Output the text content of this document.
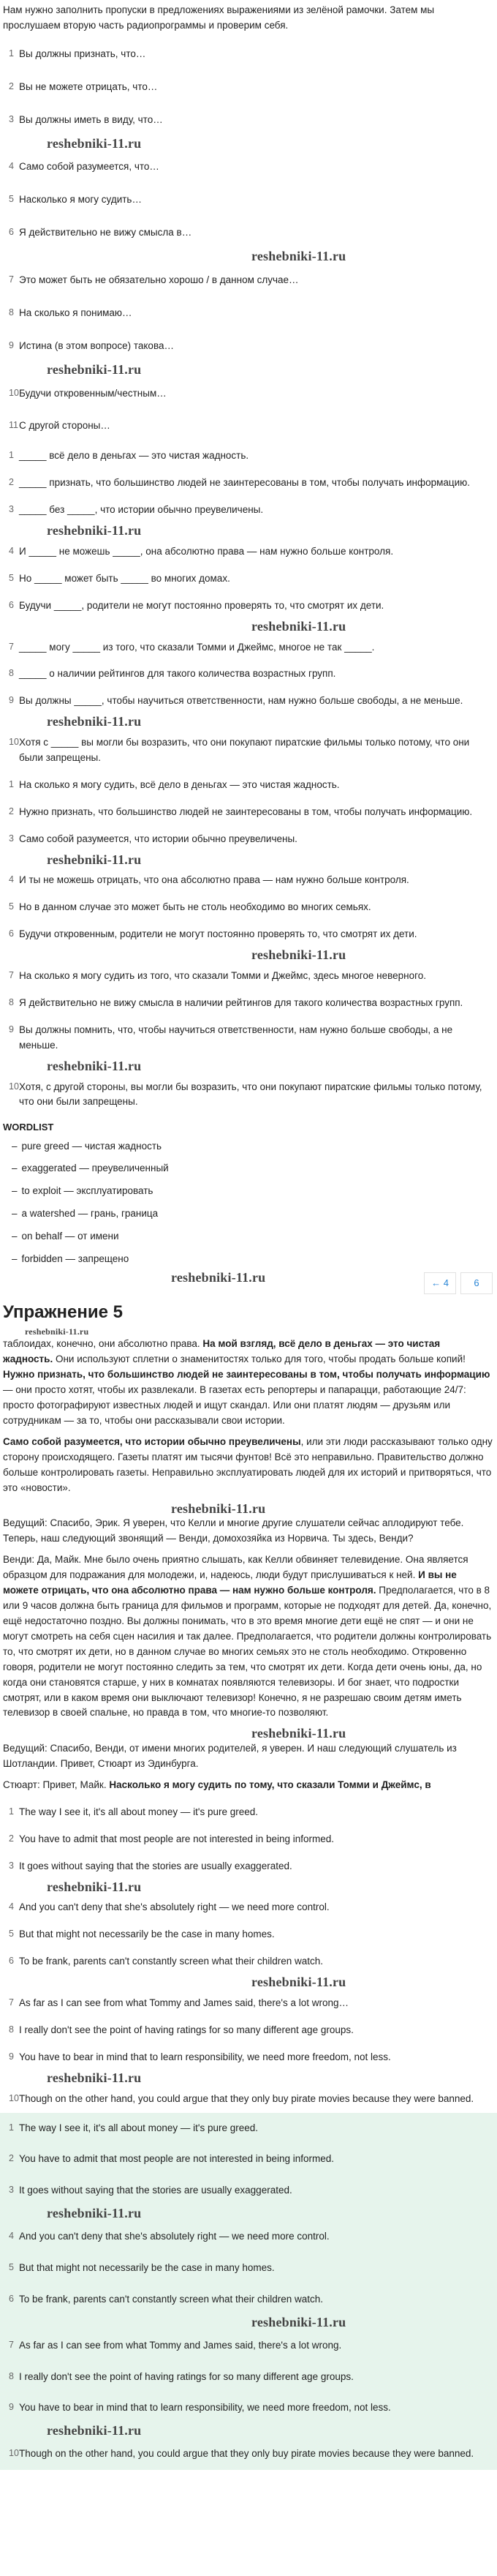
Нам нужно заполнить пропуски в предложениях выражениями из зелёной рамочки. Затем мы прослушаем вторую часть радиопрограммы и проверим себя.

1 Вы должны признать, что…
2 Вы не можете отрицать, что…
3 Вы должны иметь в виду, что…
reshebniki-11.ru
4 Само собой разумеется, что…
5 Насколько я могу судить…
6 Я действительно не вижу смысла в…
reshebniki-11.ru
7 Это может быть не обязательно хорошо / в данном случае…
8 На сколько я понимаю…
9 Истина (в этом вопросе) такова…
reshebniki-11.ru
10 Будучи откровенным/честным…
11 С другой стороны…
1 _____ всё дело в деньгах — это чистая жадность.
2 _____ признать, что большинство людей не заинтересованы в том, чтобы получать информацию.
3 _____ без _____, что истории обычно преувеличены.
reshebniki-11.ru
4 И _____ не можешь _____, она абсолютно права — нам нужно больше контроля.
5 Но _____ может быть _____ во многих домах.
6 Будучи _____, родители не могут постоянно проверять то, что смотрят их дети.
reshebniki-11.ru
7 _____ могу _____ из того, что сказали Томми и Джеймс, многое не так _____.
8 _____ о наличии рейтингов для такого количества возрастных групп.
9 Вы должны _____, чтобы научиться ответственности, нам нужно больше свободы, а не меньше.
reshebniki-11.ru
10 Хотя с _____ вы могли бы возразить, что они покупают пиратские фильмы только потому, что они были запрещены.
1 На сколько я могу судить, всё дело в деньгах — это чистая жадность.
2 Нужно признать, что большинство людей не заинтересованы в том, чтобы получать информацию.
3 Само собой разумеется, что истории обычно преувеличены.
reshebniki-11.ru
4 И ты не можешь отрицать, что она абсолютно права — нам нужно больше контроля.
5 Но в данном случае это может быть не столь необходимо во многих семьях.
6 Будучи откровенным, родители не могут постоянно проверять то, что смотрят их дети.
reshebniki-11.ru
7 На сколько я могу судить из того, что сказали Томми и Джеймс, здесь многое неверного.
8 Я действительно не вижу смысла в наличии рейтингов для такого количества возрастных групп.
9 Вы должны помнить, что, чтобы научиться ответственности, нам нужно больше свободы, а не меньше.
reshebniki-11.ru
10 Хотя, с другой стороны, вы могли бы возразить, что они покупают пиратские фильмы только потому, что они были запрещены.
WORDLIST
– pure greed — чистая жадность
– exaggerated — преувеличенный
– to exploit — эксплуатировать
– a watershed — грань, граница
– on behalf — от имени
– forbidden — запрещено
reshebniki-11.ru	← 4	6
Упражнение 5
reshebniki-11.ru

таблоидах, конечно, они абсолютно права. На мой взгляд, всё дело в деньгах — это чистая жадность. Они используют сплетни о знаменитостях только для того, чтобы продать больше копий! Нужно признать, что большинство людей не заинтересованы в том, чтобы получать информацию — они просто хотят, чтобы их развлекали. В газетах есть репортеры и папарацци, работающие 24/7: просто фотографируют известных людей и ищут скандал. Или они платят людям — друзьям или сотрудникам — за то, чтобы они рассказывали свои истории.

Само собой разумеется, что истории обычно преувеличены, или эти люди рассказывают только одну сторону происходящего. Газеты платят им тысячи фунтов! Всё это неправильно. Правительство должно больше контролировать газеты. Неправильно эксплуатировать людей для их историй и притворяться, что это «новости».

reshebniki-11.ru

Ведущий: Спасибо, Эрик. Я уверен, что Келли и многие другие слушатели сейчас аплодируют тебе. Теперь, наш следующий звонящий — Венди, домохозяйка из Норвича. Ты здесь, Венди?

Венди: Да, Майк. Мне было очень приятно слышать, как Келли обвиняет телевидение. Она является образцом для подражания для молодежи, и, надеюсь, люди будут прислушиваться к ней. И вы не можете отрицать, что она абсолютно права — нам нужно больше контроля. Предполагается, что в 8 или 9 часов должна быть граница для фильмов и программ, которые не подходят для детей. Да, конечно, ещё недостаточно поздно. Вы должны понимать, что в это время многие дети ещё не спят — и они не могут смотреть на себя сцен насилия и так далее. Предполагается, что родители должны контролировать то, что смотрят их дети, но в данном случае во многих семьях это не столь необходимо. Откровенно говоря, родители не могут постоянно следить за тем, что смотрят их дети. Когда дети очень юны, да, но когда они становятся старше, у них в комнатах появляются телевизоры. И бог знает, что подростки смотрят, или в каком время они выключают телевизор! Конечно, я не разрешаю своим детям иметь телевизор в своей спальне, но правда в том, что многие-то позволяют.

reshebniki-11.ru

Ведущий: Спасибо, Венди, от имени многих родителей, я уверен. И наш следующий слушатель из Шотландии. Привет, Стюарт из Эдинбурга.

Стюарт: Привет, Майк. Насколько я могу судить по тому, что сказали Томми и Джеймс, в

1 The way I see it, it's all about money — it's pure greed.
2 You have to admit that most people are not interested in being informed.
3 It goes without saying that the stories are usually exaggerated.
reshebniki-11.ru
4 And you can't deny that she's absolutely right — we need more control.
5 But that might not necessarily be the case in many homes.
6 To be frank, parents can't constantly screen what their children watch.
reshebniki-11.ru
7 As far as I can see from what Tommy and James said, there's a lot wrong…
8 I really don't see the point of having ratings for so many different age groups.
9 You have to bear in mind that to learn responsibility, we need more freedom, not less.
reshebniki-11.ru
10 Though on the other hand, you could argue that they only buy pirate movies because they were banned.
1 The way I see it, it's all about money — it's pure greed.
2 You have to admit that most people are not interested in being informed.
3 It goes without saying that the stories are usually exaggerated.
reshebniki-11.ru
4 And you can't deny that she's absolutely right — we need more control.
5 But that might not necessarily be the case in many homes.
6 To be frank, parents can't constantly screen what their children watch.
reshebniki-11.ru
7 As far as I can see from what Tommy and James said, there's a lot wrong.
8 I really don't see the point of having ratings for so many different age groups.
9 You have to bear in mind that to learn responsibility, we need more freedom, not less.
reshebniki-11.ru
10 Though on the other hand, you could argue that they only buy pirate movies because they were banned.
